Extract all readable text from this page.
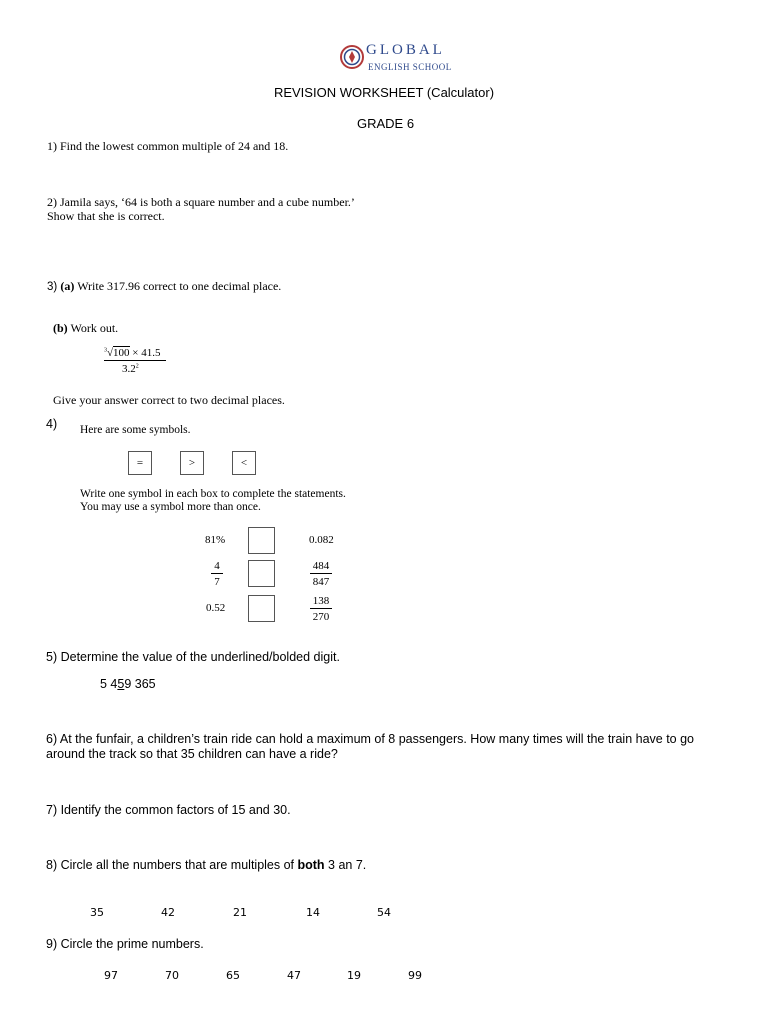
GLOBAL
ENGLISH SCHOOL
REVISION WORKSHEET (Calculator)
GRADE 6
1) Find the lowest common multiple of 24 and 18.
2) Jamila says, ‘64 is both a square number and a cube number.’
Show that she is correct.
3) (a) Write 317.96 correct to one decimal place.
(b) Work out.
$\frac{^3√100 \times 41.5}{3.2^2}$
Give your answer correct to two decimal places.
4) Here are some symbols.
=	>	<
Write one symbol in each box to complete the statements.
You may use a symbol more than once.
81%	0.082
$\frac{4}{7}$	$\frac{484}{847}$
0.52	$\frac{138}{270}$
5) Determine the value of the underlined/bolded digit.
5 459 365
6) At the funfair, a children’s train ride can hold a maximum of 8 passengers. How many times will the train have to go
around the track so that 35 children can have a ride?
7) Identify the common factors of 15 and 30.
8) Circle all the numbers that are multiples of both 3 an 7.
35	42	21	14	54
9) Circle the prime numbers.
97	70	65	47	19	99
